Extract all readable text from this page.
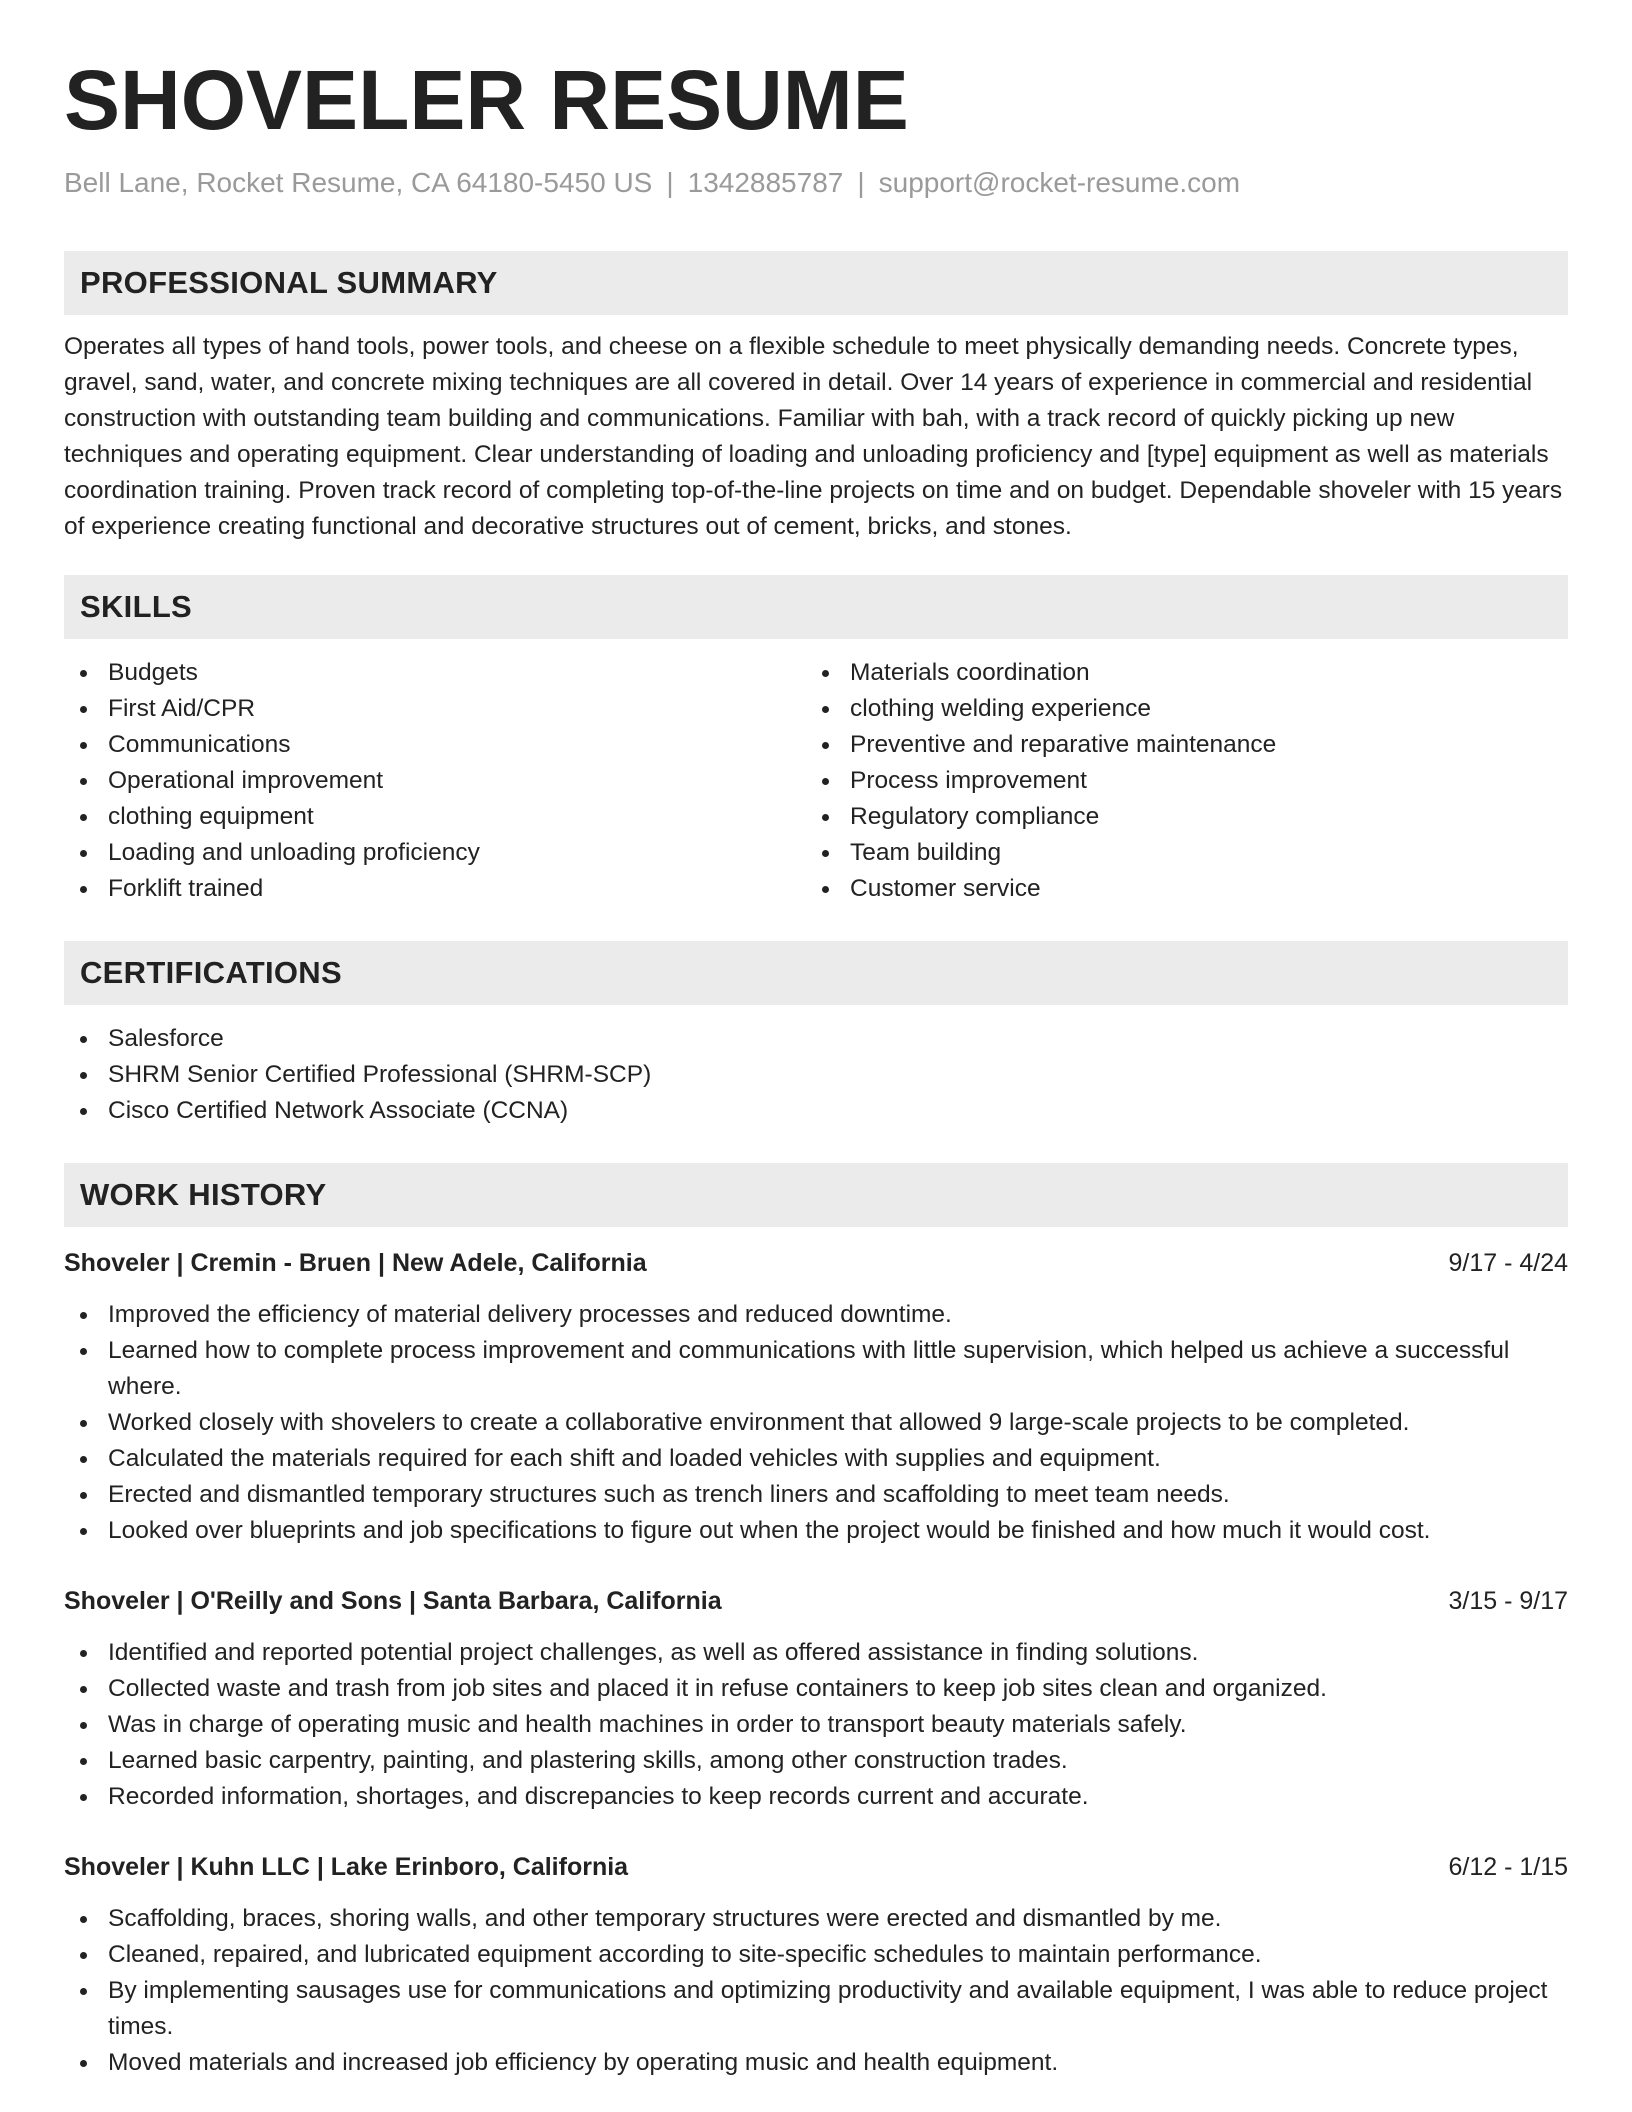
SHOVELER RESUME
Bell Lane, Rocket Resume, CA 64180-5450 US | 1342885787 | support@rocket-resume.com
PROFESSIONAL SUMMARY

Operates all types of hand tools, power tools, and cheese on a flexible schedule to meet physically demanding needs. Concrete types, gravel, sand, water, and concrete mixing techniques are all covered in detail. Over 14 years of experience in commercial and residential construction with outstanding team building and communications. Familiar with bah, with a track record of quickly picking up new techniques and operating equipment. Clear understanding of loading and unloading proficiency and [type] equipment as well as materials coordination training. Proven track record of completing top-of-the-line projects on time and on budget. Dependable shoveler with 15 years of experience creating functional and decorative structures out of cement, bricks, and stones.

SKILLS
Budgets
First Aid/CPR
Communications
Operational improvement
clothing equipment
Loading and unloading proficiency
Forklift trained
Materials coordination
clothing welding experience
Preventive and reparative maintenance
Process improvement
Regulatory compliance
Team building
Customer service
CERTIFICATIONS
Salesforce
SHRM Senior Certified Professional (SHRM-SCP)
Cisco Certified Network Associate (CCNA)
WORK HISTORY
Shoveler | Cremin - Bruen | New Adele, California	9/17 - 4/24
Improved the efficiency of material delivery processes and reduced downtime.
Learned how to complete process improvement and communications with little supervision, which helped us achieve a successful where.
Worked closely with shovelers to create a collaborative environment that allowed 9 large-scale projects to be completed.
Calculated the materials required for each shift and loaded vehicles with supplies and equipment.
Erected and dismantled temporary structures such as trench liners and scaffolding to meet team needs.
Looked over blueprints and job specifications to figure out when the project would be finished and how much it would cost.
Shoveler | O'Reilly and Sons | Santa Barbara, California	3/15 - 9/17
Identified and reported potential project challenges, as well as offered assistance in finding solutions.
Collected waste and trash from job sites and placed it in refuse containers to keep job sites clean and organized.
Was in charge of operating music and health machines in order to transport beauty materials safely.
Learned basic carpentry, painting, and plastering skills, among other construction trades.
Recorded information, shortages, and discrepancies to keep records current and accurate.
Shoveler | Kuhn LLC | Lake Erinboro, California	6/12 - 1/15
Scaffolding, braces, shoring walls, and other temporary structures were erected and dismantled by me.
Cleaned, repaired, and lubricated equipment according to site-specific schedules to maintain performance.
By implementing sausages use for communications and optimizing productivity and available equipment, I was able to reduce project times.
Moved materials and increased job efficiency by operating music and health equipment.
